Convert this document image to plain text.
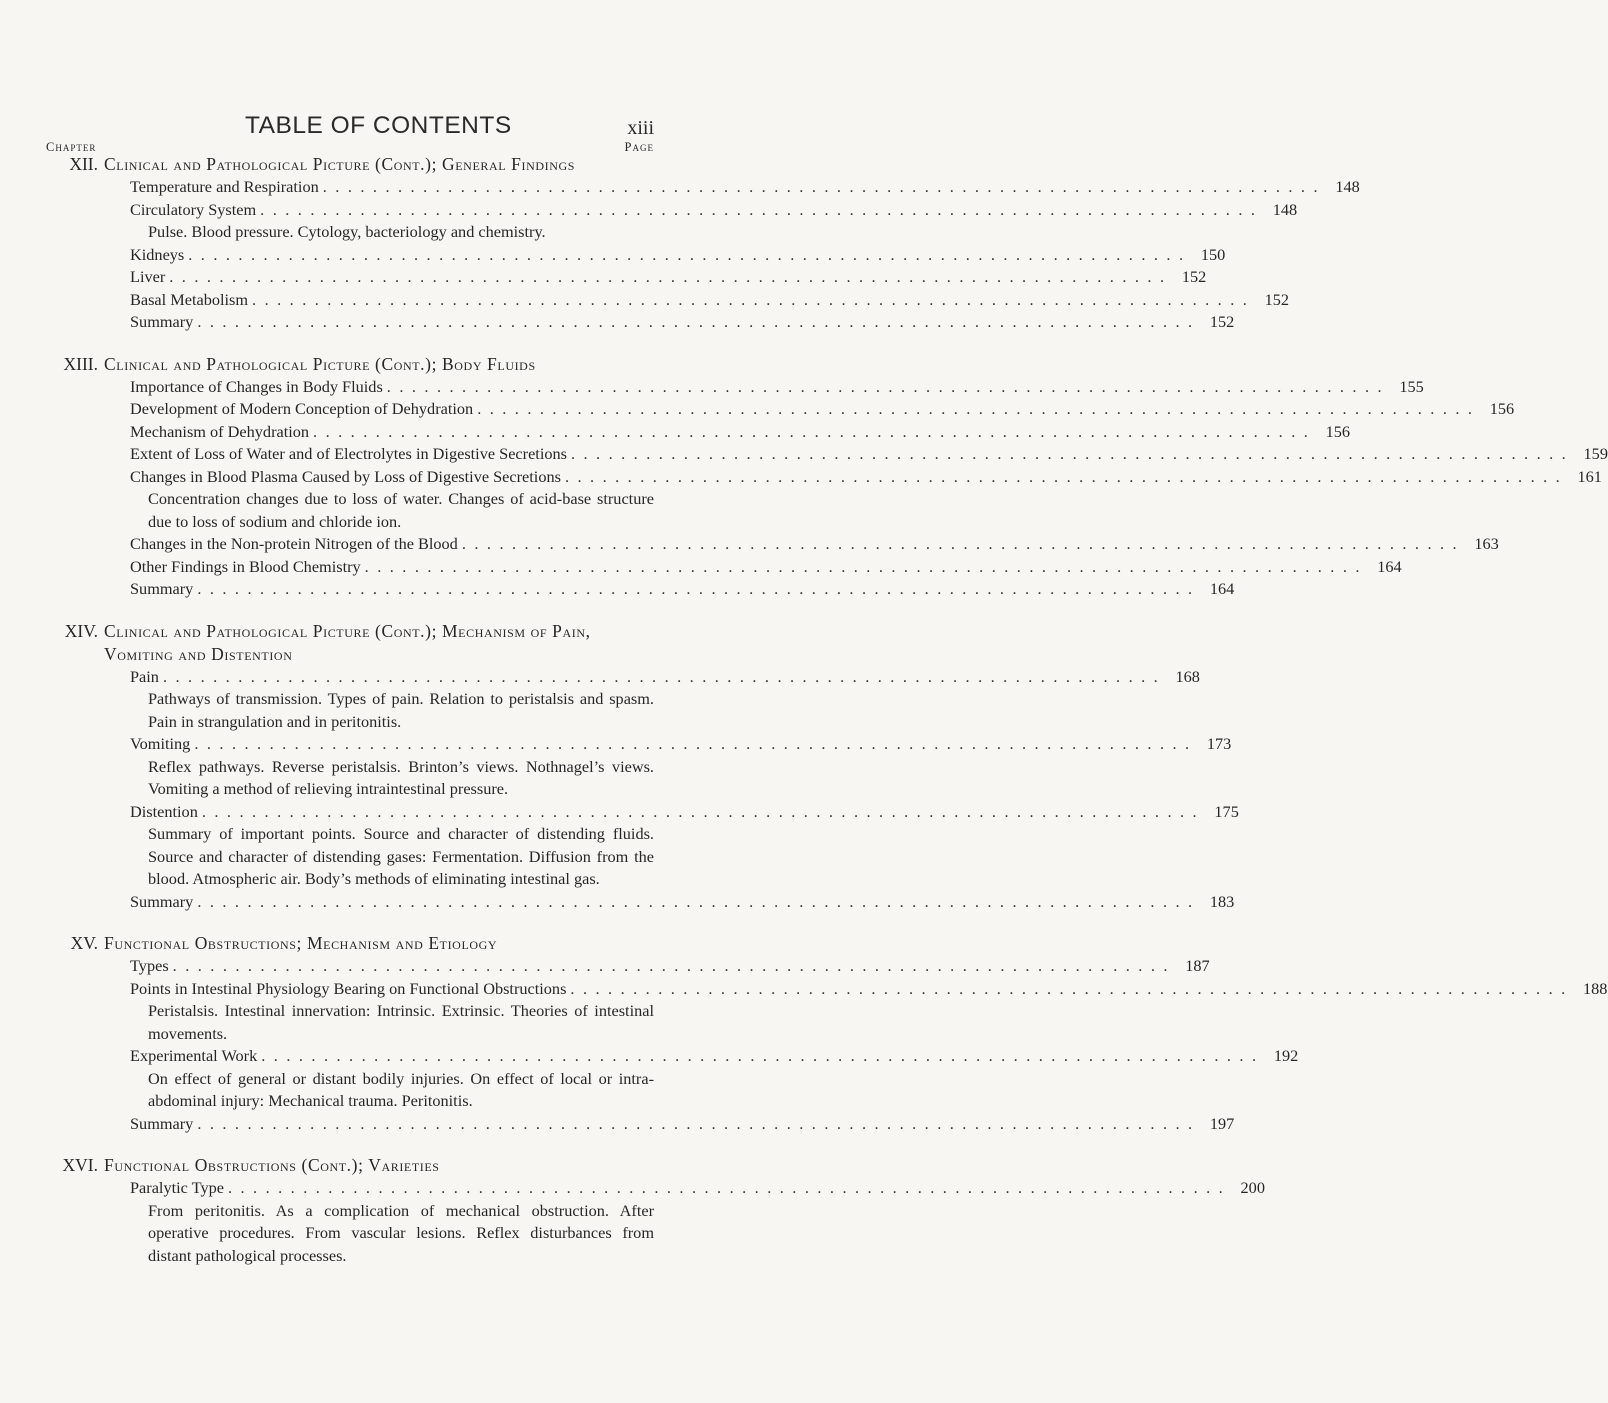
TABLE OF CONTENTS	xiii
Chapter	Page
XII. Clinical and Pathological Picture (Cont.); General Findings
Temperature and Respiration . . . . . . . . . . . . . . . . . . . . . . . . . . . . . . . . . . . . . . . . . . . . . . . . . . . . . . . . . . . . . . . . . . . . . . . . . . . . . . . . 148
Circulatory System . . . . . . . . . . . . . . . . . . . . . . . . . . . . . . . . . . . . . . . . . . . . . . . . . . . . . . . . . . . . . . . . . . . . . . . . . . . . . . . . 148
Pulse. Blood pressure. Cytology, bacteriology and chemistry.
Kidneys . . . . . . . . . . . . . . . . . . . . . . . . . . . . . . . . . . . . . . . . . . . . . . . . . . . . . . . . . . . . . . . . . . . . . . . . . . . . . . . . 150
Liver . . . . . . . . . . . . . . . . . . . . . . . . . . . . . . . . . . . . . . . . . . . . . . . . . . . . . . . . . . . . . . . . . . . . . . . . . . . . . . . . 152
Basal Metabolism . . . . . . . . . . . . . . . . . . . . . . . . . . . . . . . . . . . . . . . . . . . . . . . . . . . . . . . . . . . . . . . . . . . . . . . . . . . . . . . . 152
Summary . . . . . . . . . . . . . . . . . . . . . . . . . . . . . . . . . . . . . . . . . . . . . . . . . . . . . . . . . . . . . . . . . . . . . . . . . . . . . . . . 152
XIII. Clinical and Pathological Picture (Cont.); Body Fluids
Importance of Changes in Body Fluids . . . . . . . . . . . . . . . . . . . . . . . . . . . . . . . . . . . . . . . . . . . . . . . . . . . . . . . . . . . . . . . . . . . . . . . . . . . . . . . . 155
Development of Modern Conception of Dehydration . . . . . . . . . . . . . . . . . . . . . . . . . . . . . . . . . . . . . . . . . . . . . . . . . . . . . . . . . . . . . . . . . . . . . . . . . . . . . . . . 156
Mechanism of Dehydration . . . . . . . . . . . . . . . . . . . . . . . . . . . . . . . . . . . . . . . . . . . . . . . . . . . . . . . . . . . . . . . . . . . . . . . . . . . . . . . . 156
Extent of Loss of Water and of Electrolytes in Digestive Secretions . . . . . . . . . . . . . . . . . . . . . . . . . . . . . . . . . . . . . . . . . . . . . . . . . . . . . . . . . . . . . . . . . . . . . . . . . . . . . . . . 159
Changes in Blood Plasma Caused by Loss of Digestive Secretions . . . . . . . . . . . . . . . . . . . . . . . . . . . . . . . . . . . . . . . . . . . . . . . . . . . . . . . . . . . . . . . . . . . . . . . . . . . . . . . . 161
Concentration changes due to loss of water. Changes of acid-base structure due to loss of sodium and chloride ion.
Changes in the Non-protein Nitrogen of the Blood . . . . . . . . . . . . . . . . . . . . . . . . . . . . . . . . . . . . . . . . . . . . . . . . . . . . . . . . . . . . . . . . . . . . . . . . . . . . . . . . 163
Other Findings in Blood Chemistry . . . . . . . . . . . . . . . . . . . . . . . . . . . . . . . . . . . . . . . . . . . . . . . . . . . . . . . . . . . . . . . . . . . . . . . . . . . . . . . . 164
Summary . . . . . . . . . . . . . . . . . . . . . . . . . . . . . . . . . . . . . . . . . . . . . . . . . . . . . . . . . . . . . . . . . . . . . . . . . . . . . . . . 164
XIV. Clinical and Pathological Picture (Cont.); Mechanism of Pain, Vomiting and Distention
Pain . . . . . . . . . . . . . . . . . . . . . . . . . . . . . . . . . . . . . . . . . . . . . . . . . . . . . . . . . . . . . . . . . . . . . . . . . . . . . . . . 168
Pathways of transmission. Types of pain. Relation to peristalsis and spasm. Pain in strangulation and in peritonitis.
Vomiting . . . . . . . . . . . . . . . . . . . . . . . . . . . . . . . . . . . . . . . . . . . . . . . . . . . . . . . . . . . . . . . . . . . . . . . . . . . . . . . . 173
Reflex pathways. Reverse peristalsis. Brinton’s views. Nothnagel’s views. Vomiting a method of relieving intraintestinal pressure.
Distention . . . . . . . . . . . . . . . . . . . . . . . . . . . . . . . . . . . . . . . . . . . . . . . . . . . . . . . . . . . . . . . . . . . . . . . . . . . . . . . . 175
Summary of important points. Source and character of distending fluids. Source and character of distending gases: Fermentation. Diffusion from the blood. Atmospheric air. Body’s methods of eliminating intestinal gas.
Summary . . . . . . . . . . . . . . . . . . . . . . . . . . . . . . . . . . . . . . . . . . . . . . . . . . . . . . . . . . . . . . . . . . . . . . . . . . . . . . . . 183
XV. Functional Obstructions; Mechanism and Etiology
Types . . . . . . . . . . . . . . . . . . . . . . . . . . . . . . . . . . . . . . . . . . . . . . . . . . . . . . . . . . . . . . . . . . . . . . . . . . . . . . . . 187
Points in Intestinal Physiology Bearing on Functional Obstructions . . . . . . . . . . . . . . . . . . . . . . . . . . . . . . . . . . . . . . . . . . . . . . . . . . . . . . . . . . . . . . . . . . . . . . . . . . . . . . . . 188
Peristalsis. Intestinal innervation: Intrinsic. Extrinsic. Theories of intestinal movements.
Experimental Work . . . . . . . . . . . . . . . . . . . . . . . . . . . . . . . . . . . . . . . . . . . . . . . . . . . . . . . . . . . . . . . . . . . . . . . . . . . . . . . . 192
On effect of general or distant bodily injuries. On effect of local or intra-abdominal injury: Mechanical trauma. Peritonitis.
Summary . . . . . . . . . . . . . . . . . . . . . . . . . . . . . . . . . . . . . . . . . . . . . . . . . . . . . . . . . . . . . . . . . . . . . . . . . . . . . . . . 197
XVI. Functional Obstructions (Cont.); Varieties
Paralytic Type . . . . . . . . . . . . . . . . . . . . . . . . . . . . . . . . . . . . . . . . . . . . . . . . . . . . . . . . . . . . . . . . . . . . . . . . . . . . . . . . 200
From peritonitis. As a complication of mechanical obstruction. After operative procedures. From vascular lesions. Reflex disturbances from distant pathological processes.
